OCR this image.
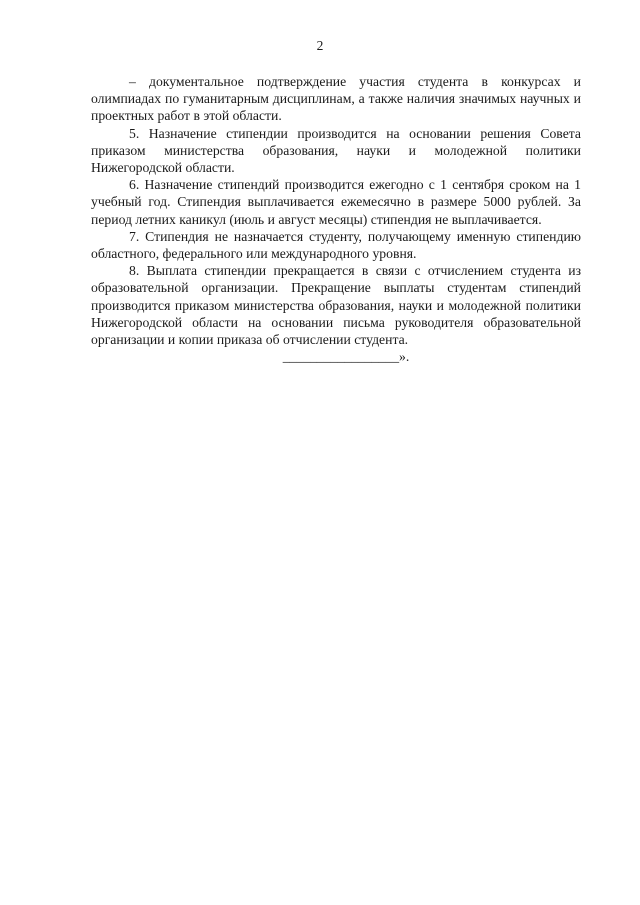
2

– документальное подтверждение участия студента в конкурсах и олимпиадах по гуманитарным дисциплинам, а также наличия значимых научных и проектных работ в этой области.

5. Назначение стипендии производится на основании решения Совета приказом министерства образования, науки и молодежной политики Нижегородской области.

6. Назначение стипендий производится ежегодно с 1 сентября сроком на 1 учебный год. Стипендия выплачивается ежемесячно в размере 5000 рублей. За период летних каникул (июль и август месяцы) стипендия не выплачивается.

7. Стипендия не назначается студенту, получающему именную стипендию областного, федерального или международного уровня.

8. Выплата стипендии прекращается в связи с отчислением студента из образовательной организации. Прекращение выплаты студентам стипендий производится приказом министерства образования, науки и молодежной политики Нижегородской области на основании письма руководителя образовательной организации и копии приказа об отчислении студента.

_________________».
